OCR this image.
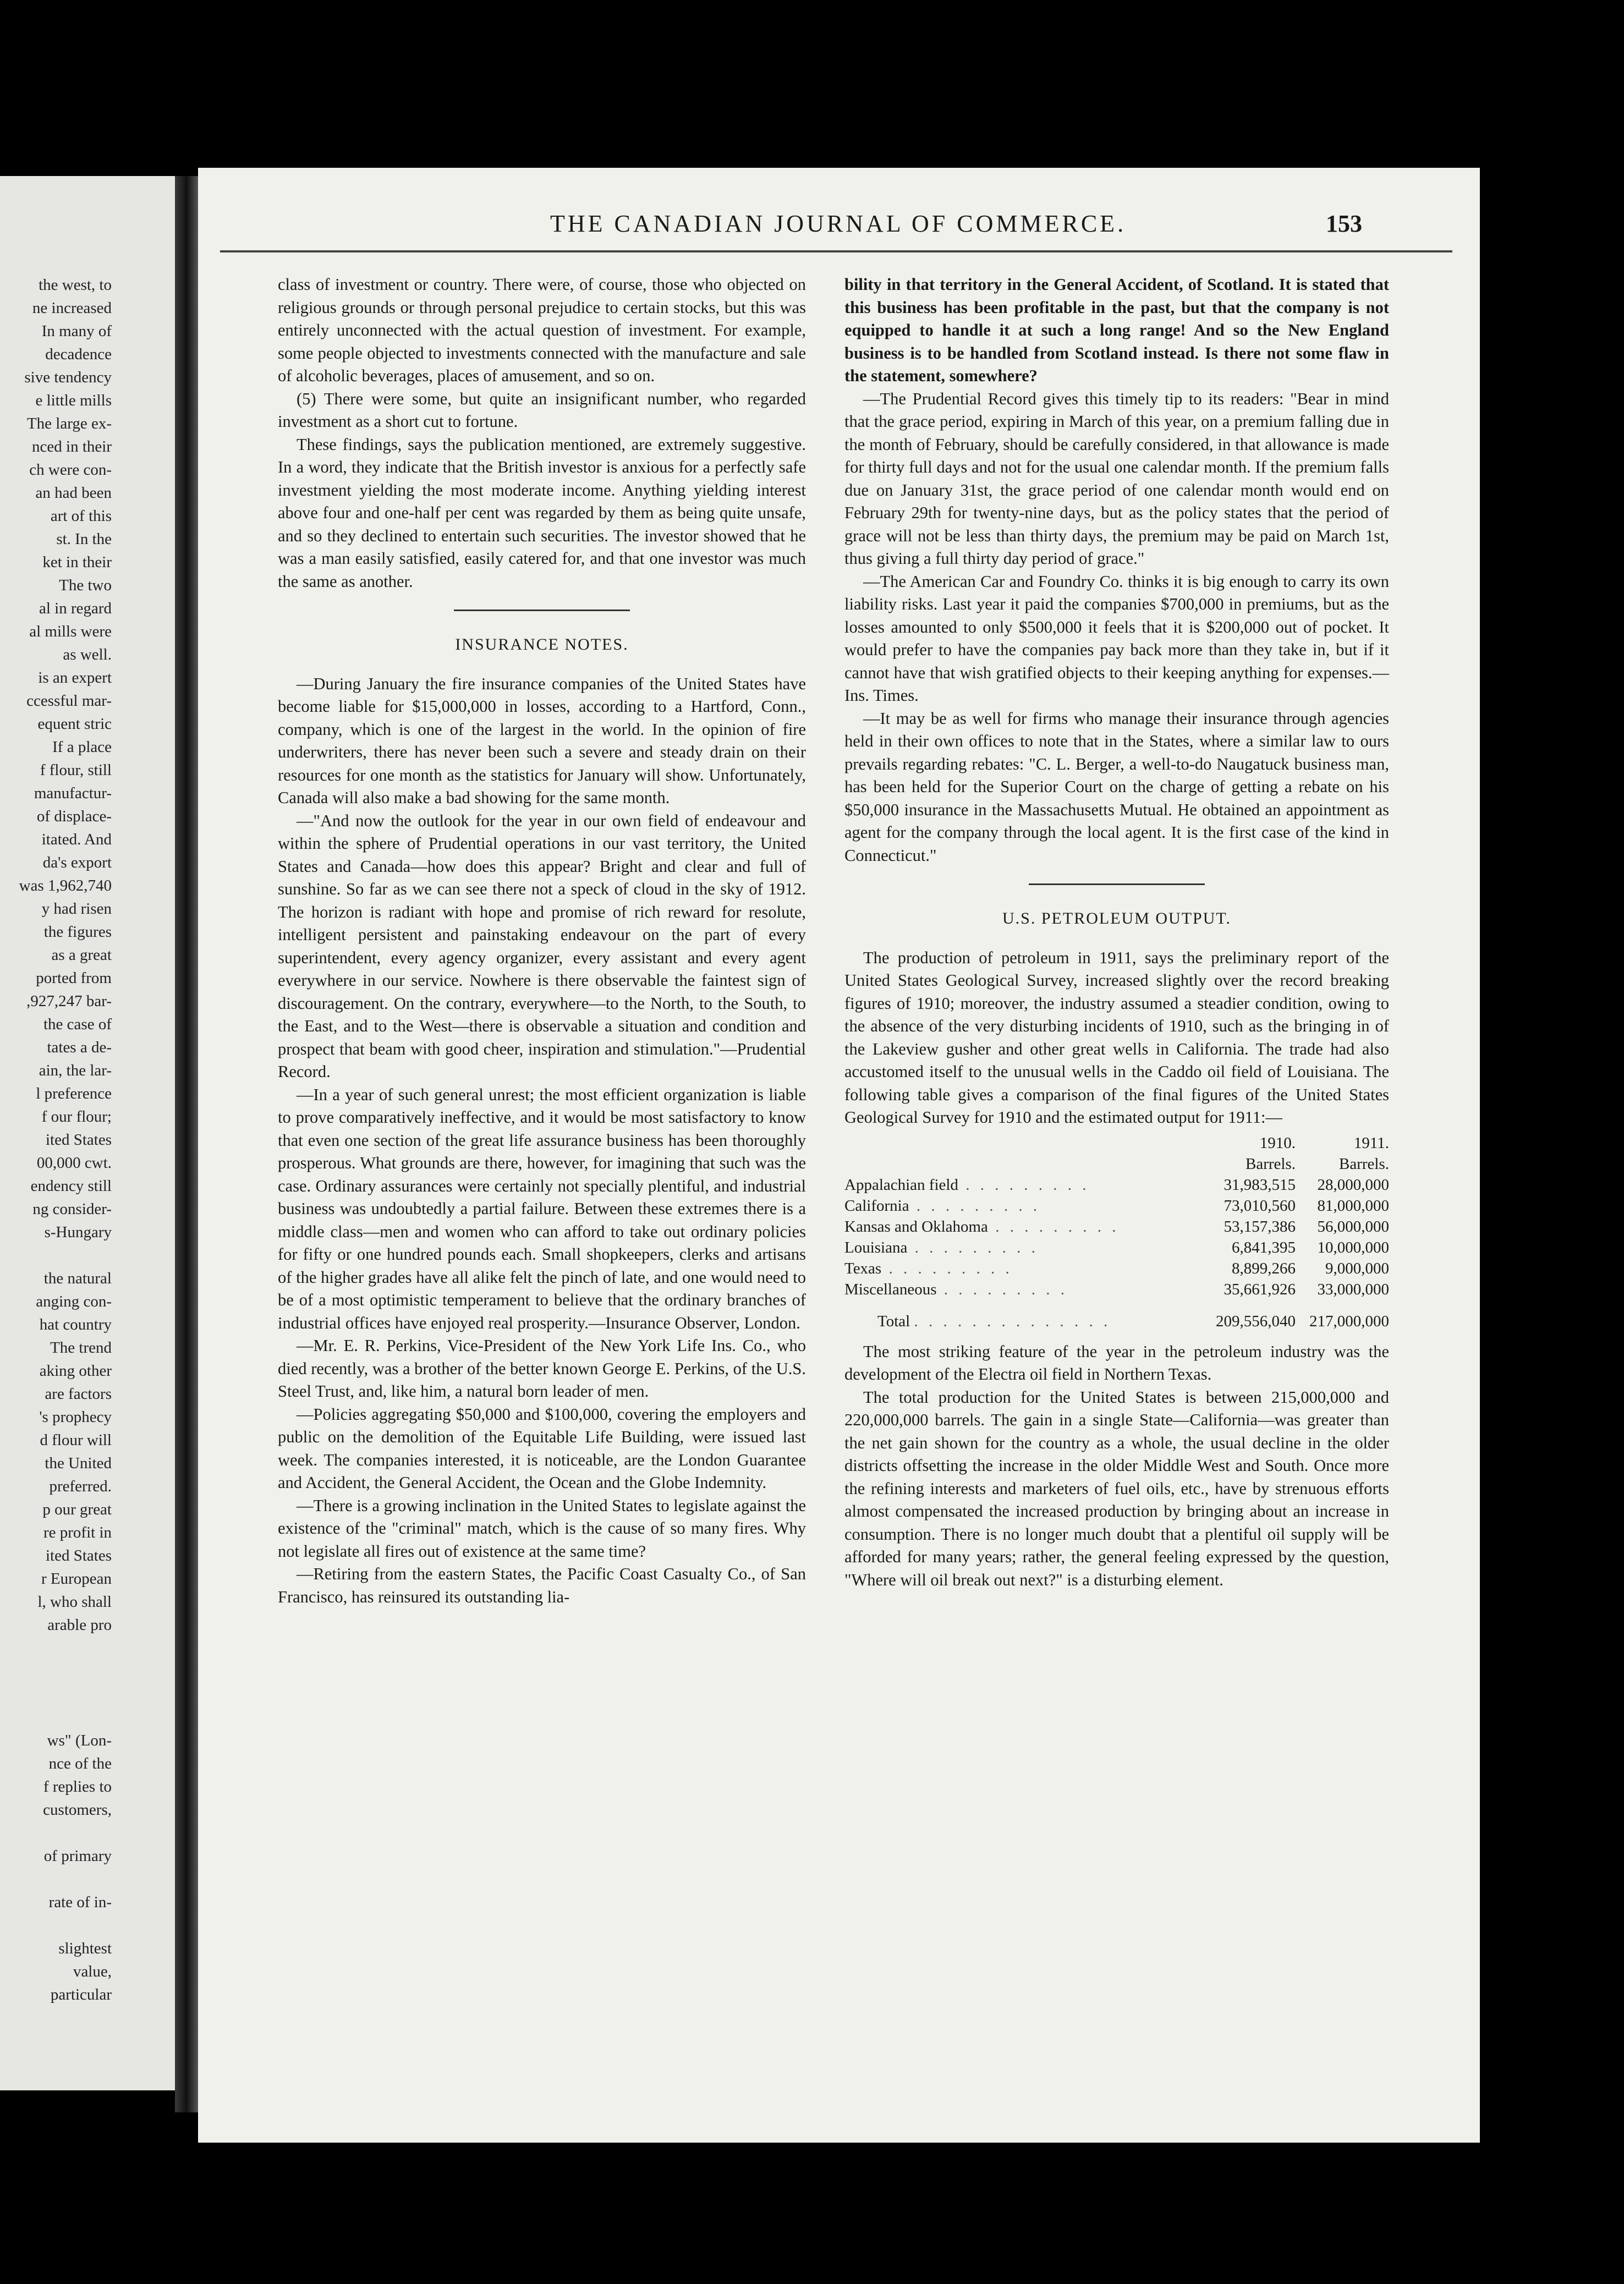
the west, to
ne increased
In many of
decadence
sive tendency
e little mills
The large ex-
nced in their
ch were con-
an had been
art of this
st. In the
ket in their
The two
al in regard
al mills were
as well.
is an expert
ccessful mar-
equent stric
If a place
f flour, still
manufactur-
of displace-
itated. And
da's export
was 1,962,740
y had risen
the figures
as a great
ported from
,927,247 bar-
the case of
tates a de-
ain, the lar-
l preference
f our flour;
ited States
00,000 cwt.
endency still
ng consider-
s-Hungary
the natural
anging con-
hat country
The trend
aking other
are factors
's prophecy
d flour will
the United
preferred.
p our great
re profit in
ited States
r European
l, who shall
arable pro
ws" (Lon-
nce of the
f replies to
customers,
of primary
rate of in-
slightest
value,
particular
THE CANADIAN JOURNAL OF COMMERCE.	153

class of investment or country. There were, of course, those who objected on religious grounds or through personal prejudice to certain stocks, but this was entirely unconnected with the actual question of investment. For example, some people objected to investments connected with the manufacture and sale of alcoholic beverages, places of amusement, and so on.

(5) There were some, but quite an insignificant number, who regarded investment as a short cut to fortune.

These findings, says the publication mentioned, are extremely suggestive. In a word, they indicate that the British investor is anxious for a perfectly safe investment yielding the most moderate income. Anything yielding interest above four and one-half per cent was regarded by them as being quite unsafe, and so they declined to entertain such securities. The investor showed that he was a man easily satisfied, easily catered for, and that one investor was much the same as another.

INSURANCE NOTES.

—During January the fire insurance companies of the United States have become liable for $15,000,000 in losses, according to a Hartford, Conn., company, which is one of the largest in the world. In the opinion of fire underwriters, there has never been such a severe and steady drain on their resources for one month as the statistics for January will show. Unfortunately, Canada will also make a bad showing for the same month.

—"And now the outlook for the year in our own field of endeavour and within the sphere of Prudential operations in our vast territory, the United States and Canada—how does this appear? Bright and clear and full of sunshine. So far as we can see there not a speck of cloud in the sky of 1912. The horizon is radiant with hope and promise of rich reward for resolute, intelligent persistent and painstaking endeavour on the part of every superintendent, every agency organizer, every assistant and every agent everywhere in our service. Nowhere is there observable the faintest sign of discouragement. On the contrary, everywhere—to the North, to the South, to the East, and to the West—there is observable a situation and condition and prospect that beam with good cheer, inspiration and stimulation."—Prudential Record.

—In a year of such general unrest; the most efficient organization is liable to prove comparatively ineffective, and it would be most satisfactory to know that even one section of the great life assurance business has been thoroughly prosperous. What grounds are there, however, for imagining that such was the case. Ordinary assurances were certainly not specially plentiful, and industrial business was undoubtedly a partial failure. Between these extremes there is a middle class—men and women who can afford to take out ordinary policies for fifty or one hundred pounds each. Small shopkeepers, clerks and artisans of the higher grades have all alike felt the pinch of late, and one would need to be of a most optimistic temperament to believe that the ordinary branches of industrial offices have enjoyed real prosperity.—Insurance Observer, London.

—Mr. E. R. Perkins, Vice-President of the New York Life Ins. Co., who died recently, was a brother of the better known George E. Perkins, of the U.S. Steel Trust, and, like him, a natural born leader of men.

—Policies aggregating $50,000 and $100,000, covering the employers and public on the demolition of the Equitable Life Building, were issued last week. The companies interested, it is noticeable, are the London Guarantee and Accident, the General Accident, the Ocean and the Globe Indemnity.

—There is a growing inclination in the United States to legislate against the existence of the "criminal" match, which is the cause of so many fires. Why not legislate all fires out of existence at the same time?

—Retiring from the eastern States, the Pacific Coast Casualty Co., of San Francisco, has reinsured its outstanding lia-

bility in that territory in the General Accident, of Scotland. It is stated that this business has been profitable in the past, but that the company is not equipped to handle it at such a long range! And so the New England business is to be handled from Scotland instead. Is there not some flaw in the statement, somewhere?

—The Prudential Record gives this timely tip to its readers: "Bear in mind that the grace period, expiring in March of this year, on a premium falling due in the month of February, should be carefully considered, in that allowance is made for thirty full days and not for the usual one calendar month. If the premium falls due on January 31st, the grace period of one calendar month would end on February 29th for twenty-nine days, but as the policy states that the period of grace will not be less than thirty days, the premium may be paid on March 1st, thus giving a full thirty day period of grace."

—The American Car and Foundry Co. thinks it is big enough to carry its own liability risks. Last year it paid the companies $700,000 in premiums, but as the losses amounted to only $500,000 it feels that it is $200,000 out of pocket. It would prefer to have the companies pay back more than they take in, but if it cannot have that wish gratified objects to their keeping anything for expenses.—Ins. Times.

—It may be as well for firms who manage their insurance through agencies held in their own offices to note that in the States, where a similar law to ours prevails regarding rebates: "C. L. Berger, a well-to-do Naugatuck business man, has been held for the Superior Court on the charge of getting a rebate on his $50,000 insurance in the Massachusetts Mutual. He obtained an appointment as agent for the company through the local agent. It is the first case of the kind in Connecticut."

U.S. PETROLEUM OUTPUT.

The production of petroleum in 1911, says the preliminary report of the United States Geological Survey, increased slightly over the record breaking figures of 1910; moreover, the industry assumed a steadier condition, owing to the absence of the very disturbing incidents of 1910, such as the bringing in of the Lakeview gusher and other great wells in California. The trade had also accustomed itself to the unusual wells in the Caddo oil field of Louisiana. The following table gives a comparison of the final figures of the United States Geological Survey for 1910 and the estimated output for 1911:—

	1910.	1911.
	Barrels.	Barrels.
Appalachian field . . . . . . . . .	31,983,515	28,000,000
California . . . . . . . . .	73,010,560	81,000,000
Kansas and Oklahoma . . . . . . . . .	53,157,386	56,000,000
Louisiana . . . . . . . . .	6,841,395	10,000,000
Texas . . . . . . . . .	8,899,266	9,000,000
Miscellaneous . . . . . . . . .	35,661,926	33,000,000
Total . . . . . . . . . . . . . .	209,556,040	217,000,000

The most striking feature of the year in the petroleum industry was the development of the Electra oil field in Northern Texas.

The total production for the United States is between 215,000,000 and 220,000,000 barrels. The gain in a single State—California—was greater than the net gain shown for the country as a whole, the usual decline in the older districts offsetting the increase in the older Middle West and South. Once more the refining interests and marketers of fuel oils, etc., have by strenuous efforts almost compensated the increased production by bringing about an increase in consumption. There is no longer much doubt that a plentiful oil supply will be afforded for many years; rather, the general feeling expressed by the question, "Where will oil break out next?" is a disturbing element.
